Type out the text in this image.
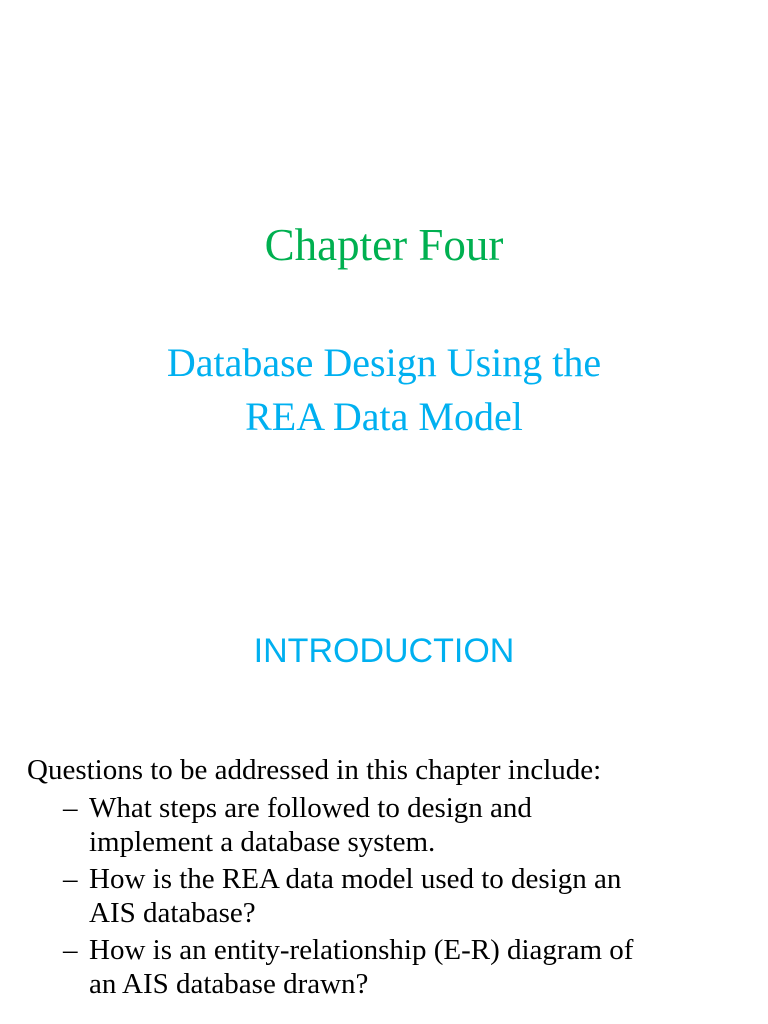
Chapter Four
Database Design Using the
REA Data Model
INTRODUCTION
Questions to be addressed in this chapter include:
– What steps are followed to design and
implement a database system.
– How is the REA data model used to design an
AIS database?
– How is an entity-relationship (E-R) diagram of
an AIS database drawn?
